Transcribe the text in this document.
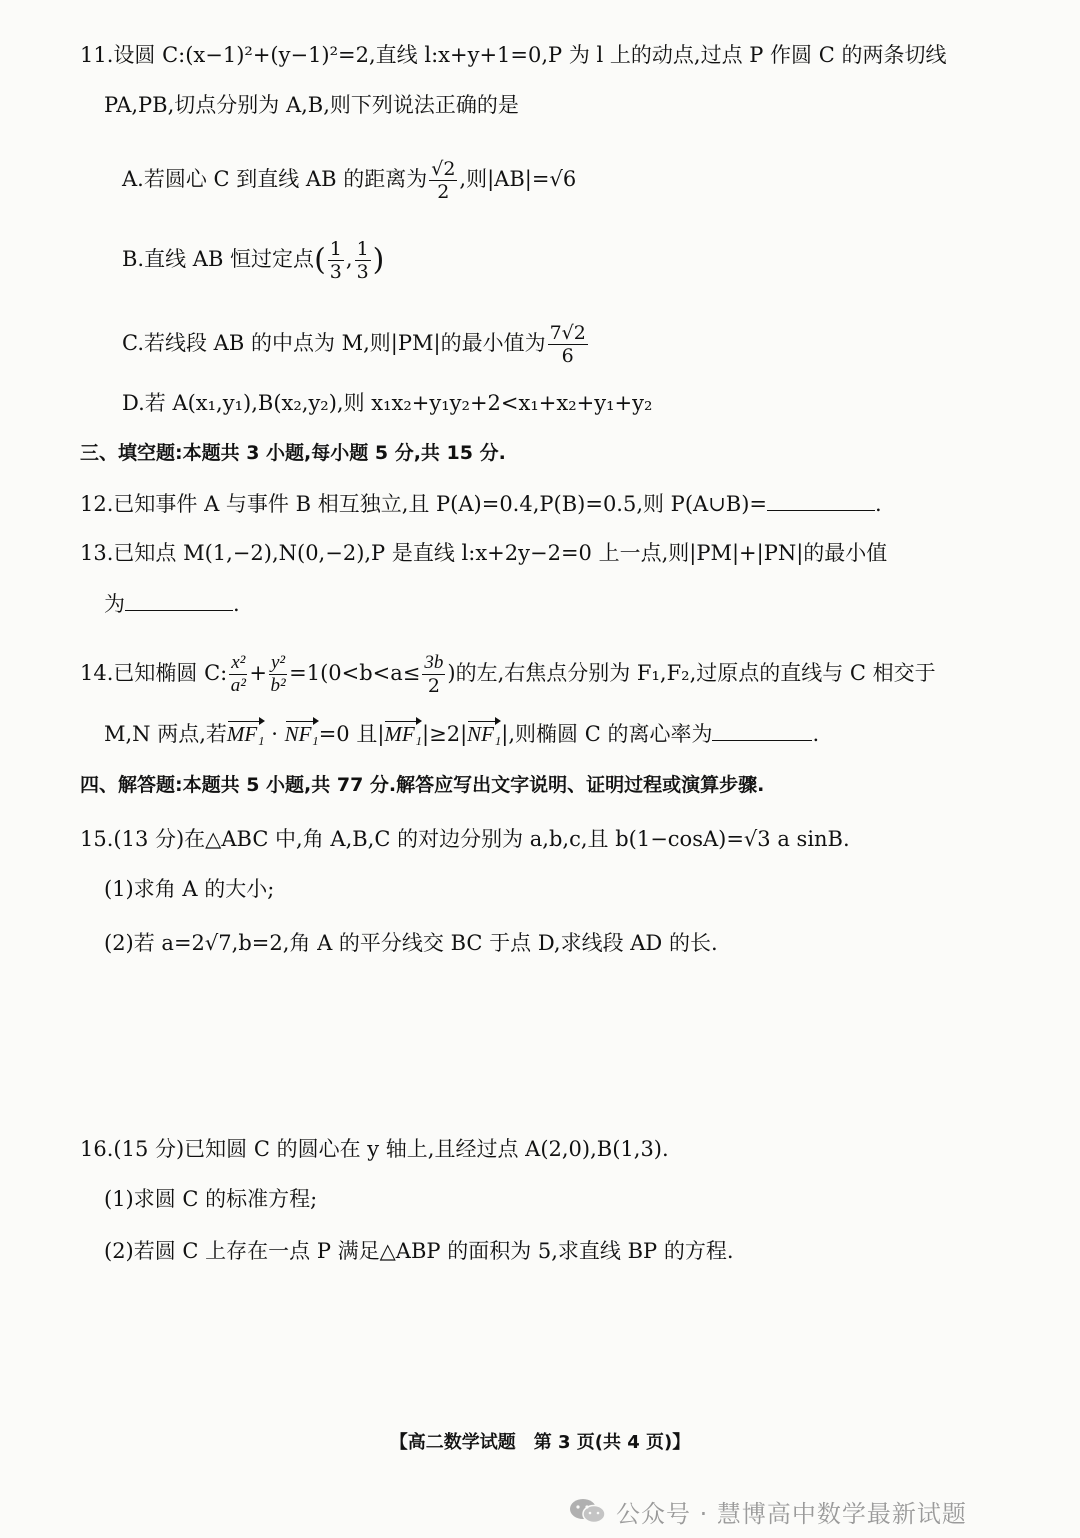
11.设圆 C:(x−1)²+(y−1)²=2,直线 l:x+y+1=0,P 为 l 上的动点,过点 P 作圆 C 的两条切线
PA,PB,切点分别为 A,B,则下列说法正确的是
A.若圆心 C 到直线 AB 的距离为 $\frac{√2}{2}$ ,则|AB|=√6
B.直线 AB 恒过定点( $\frac{1}{3}$ , $\frac{1}{3}$ )
C.若线段 AB 的中点为 M,则|PM|的最小值为 $\frac{7√2}{6}$
D.若 A(x₁,y₁),B(x₂,y₂),则 x₁x₂+y₁y₂+2<x₁+x₂+y₁+y₂
三、填空题:本题共 3 小题,每小题 5 分,共 15 分.
12.已知事件 A 与事件 B 相互独立,且 P(A)=0.4,P(B)=0.5,则 P(A∪B)=	.
13.已知点 M(1,−2),N(0,−2),P 是直线 l:x+2y−2=0 上一点,则|PM|+|PN|的最小值
为	.
14.已知椭圆 C: $\frac{\text{x²}}{\text{a²}} + \frac{\text{y²}}{\text{b²}} =1(0<b<a\le \frac{3b}{2}$ )的左,右焦点分别为 F₁,F₂,过原点的直线与 C 相交于
M,N 两点,若MF₁ · NF₁=0 且|MF₁|≥2|NF₁|,则椭圆 C 的离心率为	.
四、解答题:本题共 5 小题,共 77 分.解答应写出文字说明、证明过程或演算步骤.
15.(13 分)在△ABC 中,角 A,B,C 的对边分别为 a,b,c,且 b(1−cosA)=√3 a sinB.
(1)求角 A 的大小;
(2)若 a=2√7,b=2,角 A 的平分线交 BC 于点 D,求线段 AD 的长.
16.(15 分)已知圆 C 的圆心在 y 轴上,且经过点 A(2,0),B(1,3).
(1)求圆 C 的标准方程;
(2)若圆 C 上存在一点 P 满足△ABP 的面积为 5,求直线 BP 的方程.
【高二数学试题　第 3 页(共 4 页)】
公众号 · 慧博高中数学最新试题
